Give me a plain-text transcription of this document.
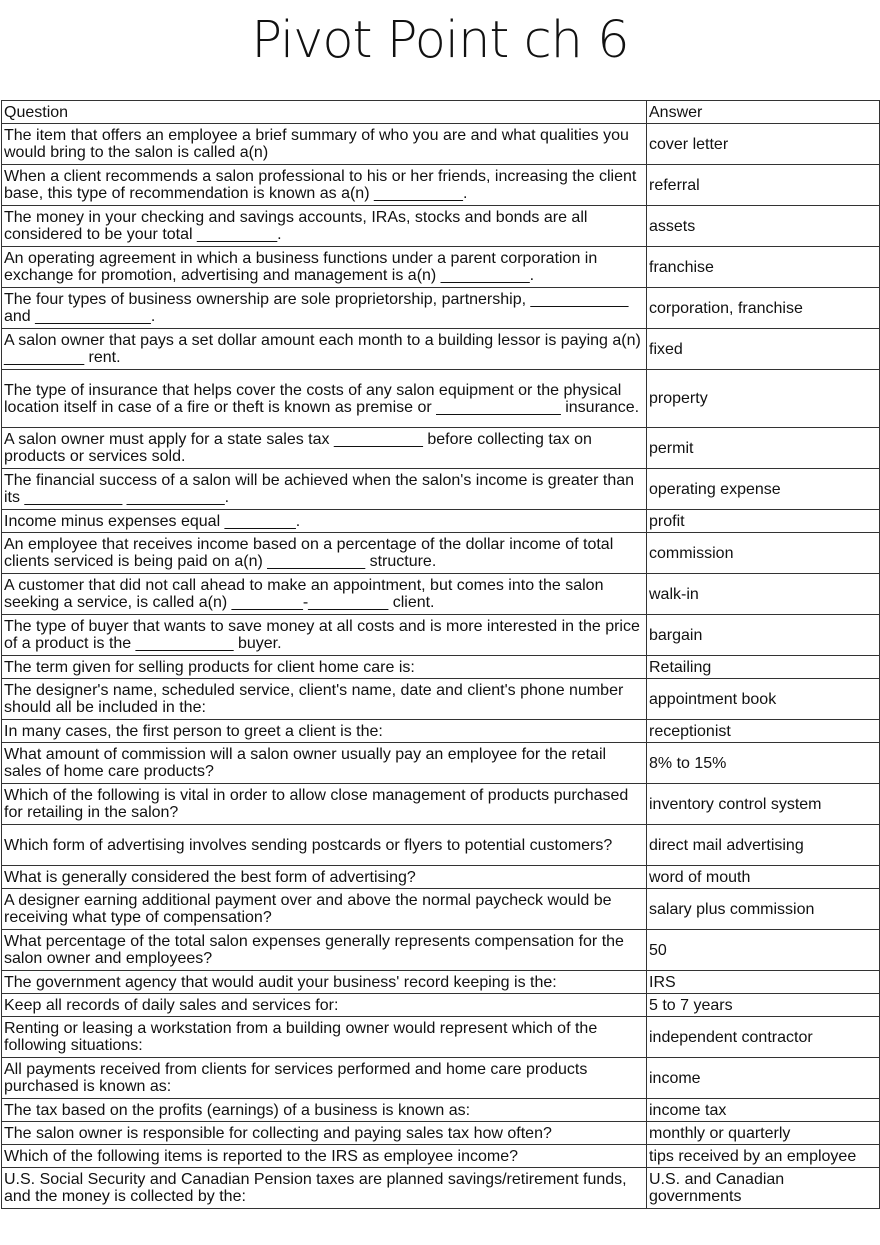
Pivot Point ch 6
Question	Answer
The item that offers an employee a brief summary of who you are and what qualities you would bring to the salon is called a(n)	cover letter
When a client recommends a salon professional to his or her friends, increasing the client base, this type of recommendation is known as a(n) __________.	referral
The money in your checking and savings accounts, IRAs, stocks and bonds are all considered to be your total _________.	assets
An operating agreement in which a business functions under a parent corporation in exchange for promotion, advertising and management is a(n) __________.	franchise
The four types of business ownership are sole proprietorship, partnership, ___________ and _____________.	corporation, franchise
A salon owner that pays a set dollar amount each month to a building lessor is paying a(n) _________ rent.	fixed
The type of insurance that helps cover the costs of any salon equipment or the physical location itself in case of a fire or theft is known as premise or ______________ insurance.	property
A salon owner must apply for a state sales tax __________ before collecting tax on products or services sold.	permit
The financial success of a salon will be achieved when the salon's income is greater than its ___________ ___________.	operating expense
Income minus expenses equal ________.	profit
An employee that receives income based on a percentage of the dollar income of total clients serviced is being paid on a(n) ___________ structure.	commission
A customer that did not call ahead to make an appointment, but comes into the salon seeking a service, is called a(n) ________-_________ client.	walk-in
The type of buyer that wants to save money at all costs and is more interested in the price of a product is the ___________ buyer.	bargain
The term given for selling products for client home care is:	Retailing
The designer's name, scheduled service, client's name, date and client's phone number should all be included in the:	appointment book
In many cases, the first person to greet a client is the:	receptionist
What amount of commission will a salon owner usually pay an employee for the retail sales of home care products?	8% to 15%
Which of the following is vital in order to allow close management of products purchased for retailing in the salon?	inventory control system
Which form of advertising involves sending postcards or flyers to potential customers?	direct mail advertising
What is generally considered the best form of advertising?	word of mouth
A designer earning additional payment over and above the normal paycheck would be receiving what type of compensation?	salary plus commission
What percentage of the total salon expenses generally represents compensation for the salon owner and employees?	50
The government agency that would audit your business' record keeping is the:	IRS
Keep all records of daily sales and services for:	5 to 7 years
Renting or leasing a workstation from a building owner would represent which of the following situations:	independent contractor
All payments received from clients for services performed and home care products purchased is known as:	income
The tax based on the profits (earnings) of a business is known as:	income tax
The salon owner is responsible for collecting and paying sales tax how often?	monthly or quarterly
Which of the following items is reported to the IRS as employee income?	tips received by an employee
U.S. Social Security and Canadian Pension taxes are planned savings/retirement funds, and the money is collected by the:	U.S. and Canadian governments
